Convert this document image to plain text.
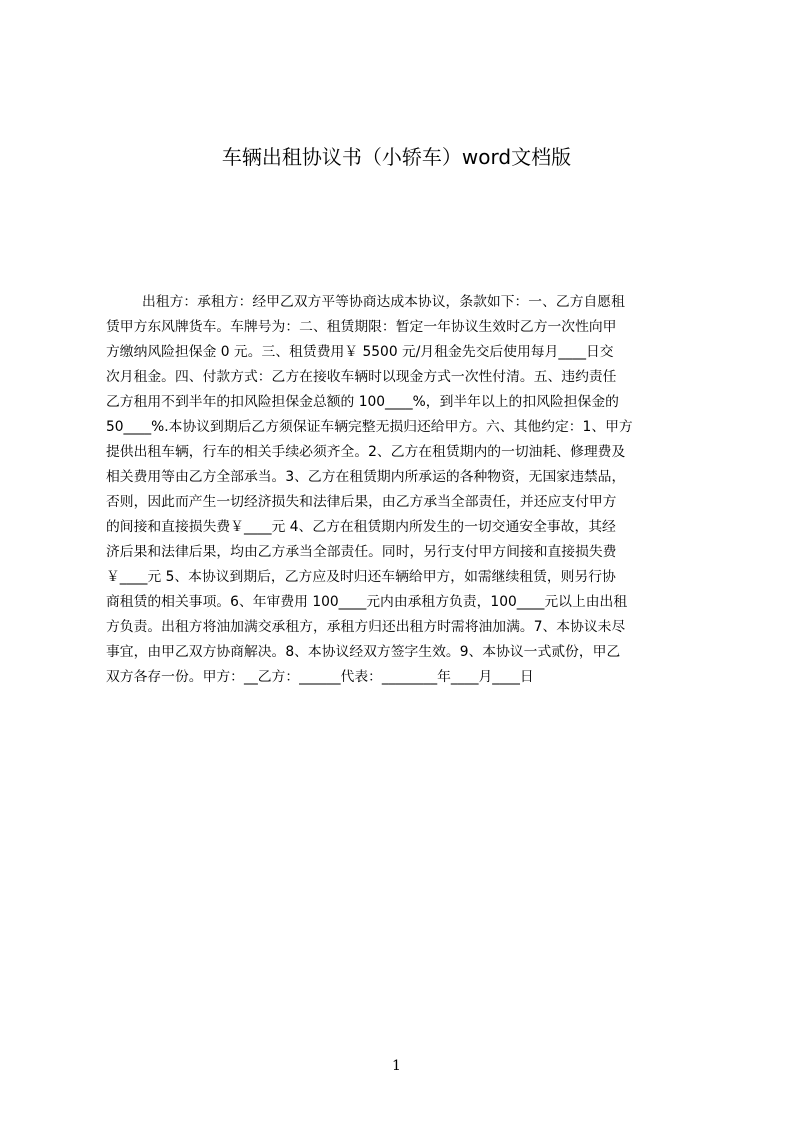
车辆出租协议书（小轿车）word文档版
出租方：承租方：经甲乙双方平等协商达成本协议，条款如下：一、乙方自愿租
赁甲方东风牌货车。车牌号为：二、租赁期限：暂定一年协议生效时乙方一次性向甲
方缴纳风险担保金 0 元。三、租赁费用￥ 5500 元/月租金先交后使用每月____日交
次月租金。四、付款方式：乙方在接收车辆时以现金方式一次性付清。五、违约责任
乙方租用不到半年的扣风险担保金总额的 100____%，到半年以上的扣风险担保金的
50____%.本协议到期后乙方须保证车辆完整无损归还给甲方。六、其他约定：1、甲方
提供出租车辆，行车的相关手续必须齐全。2、乙方在租赁期内的一切油耗、修理费及
相关费用等由乙方全部承当。3、乙方在租赁期内所承运的各种物资，无国家违禁品，
否则，因此而产生一切经济损失和法律后果，由乙方承当全部责任，并还应支付甲方
的间接和直接损失费￥____元 4、乙方在租赁期内所发生的一切交通安全事故，其经
济后果和法律后果，均由乙方承当全部责任。同时，另行支付甲方间接和直接损失费
￥____元 5、本协议到期后，乙方应及时归还车辆给甲方，如需继续租赁，则另行协
商租赁的相关事项。6、年审费用 100____元内由承租方负责，100____元以上由出租
方负责。出租方将油加满交承租方，承租方归还出租方时需将油加满。7、本协议未尽
事宜，由甲乙双方协商解决。8、本协议经双方签字生效。9、本协议一式贰份，甲乙
双方各存一份。甲方：__乙方：______代表：________年____月____日
1
